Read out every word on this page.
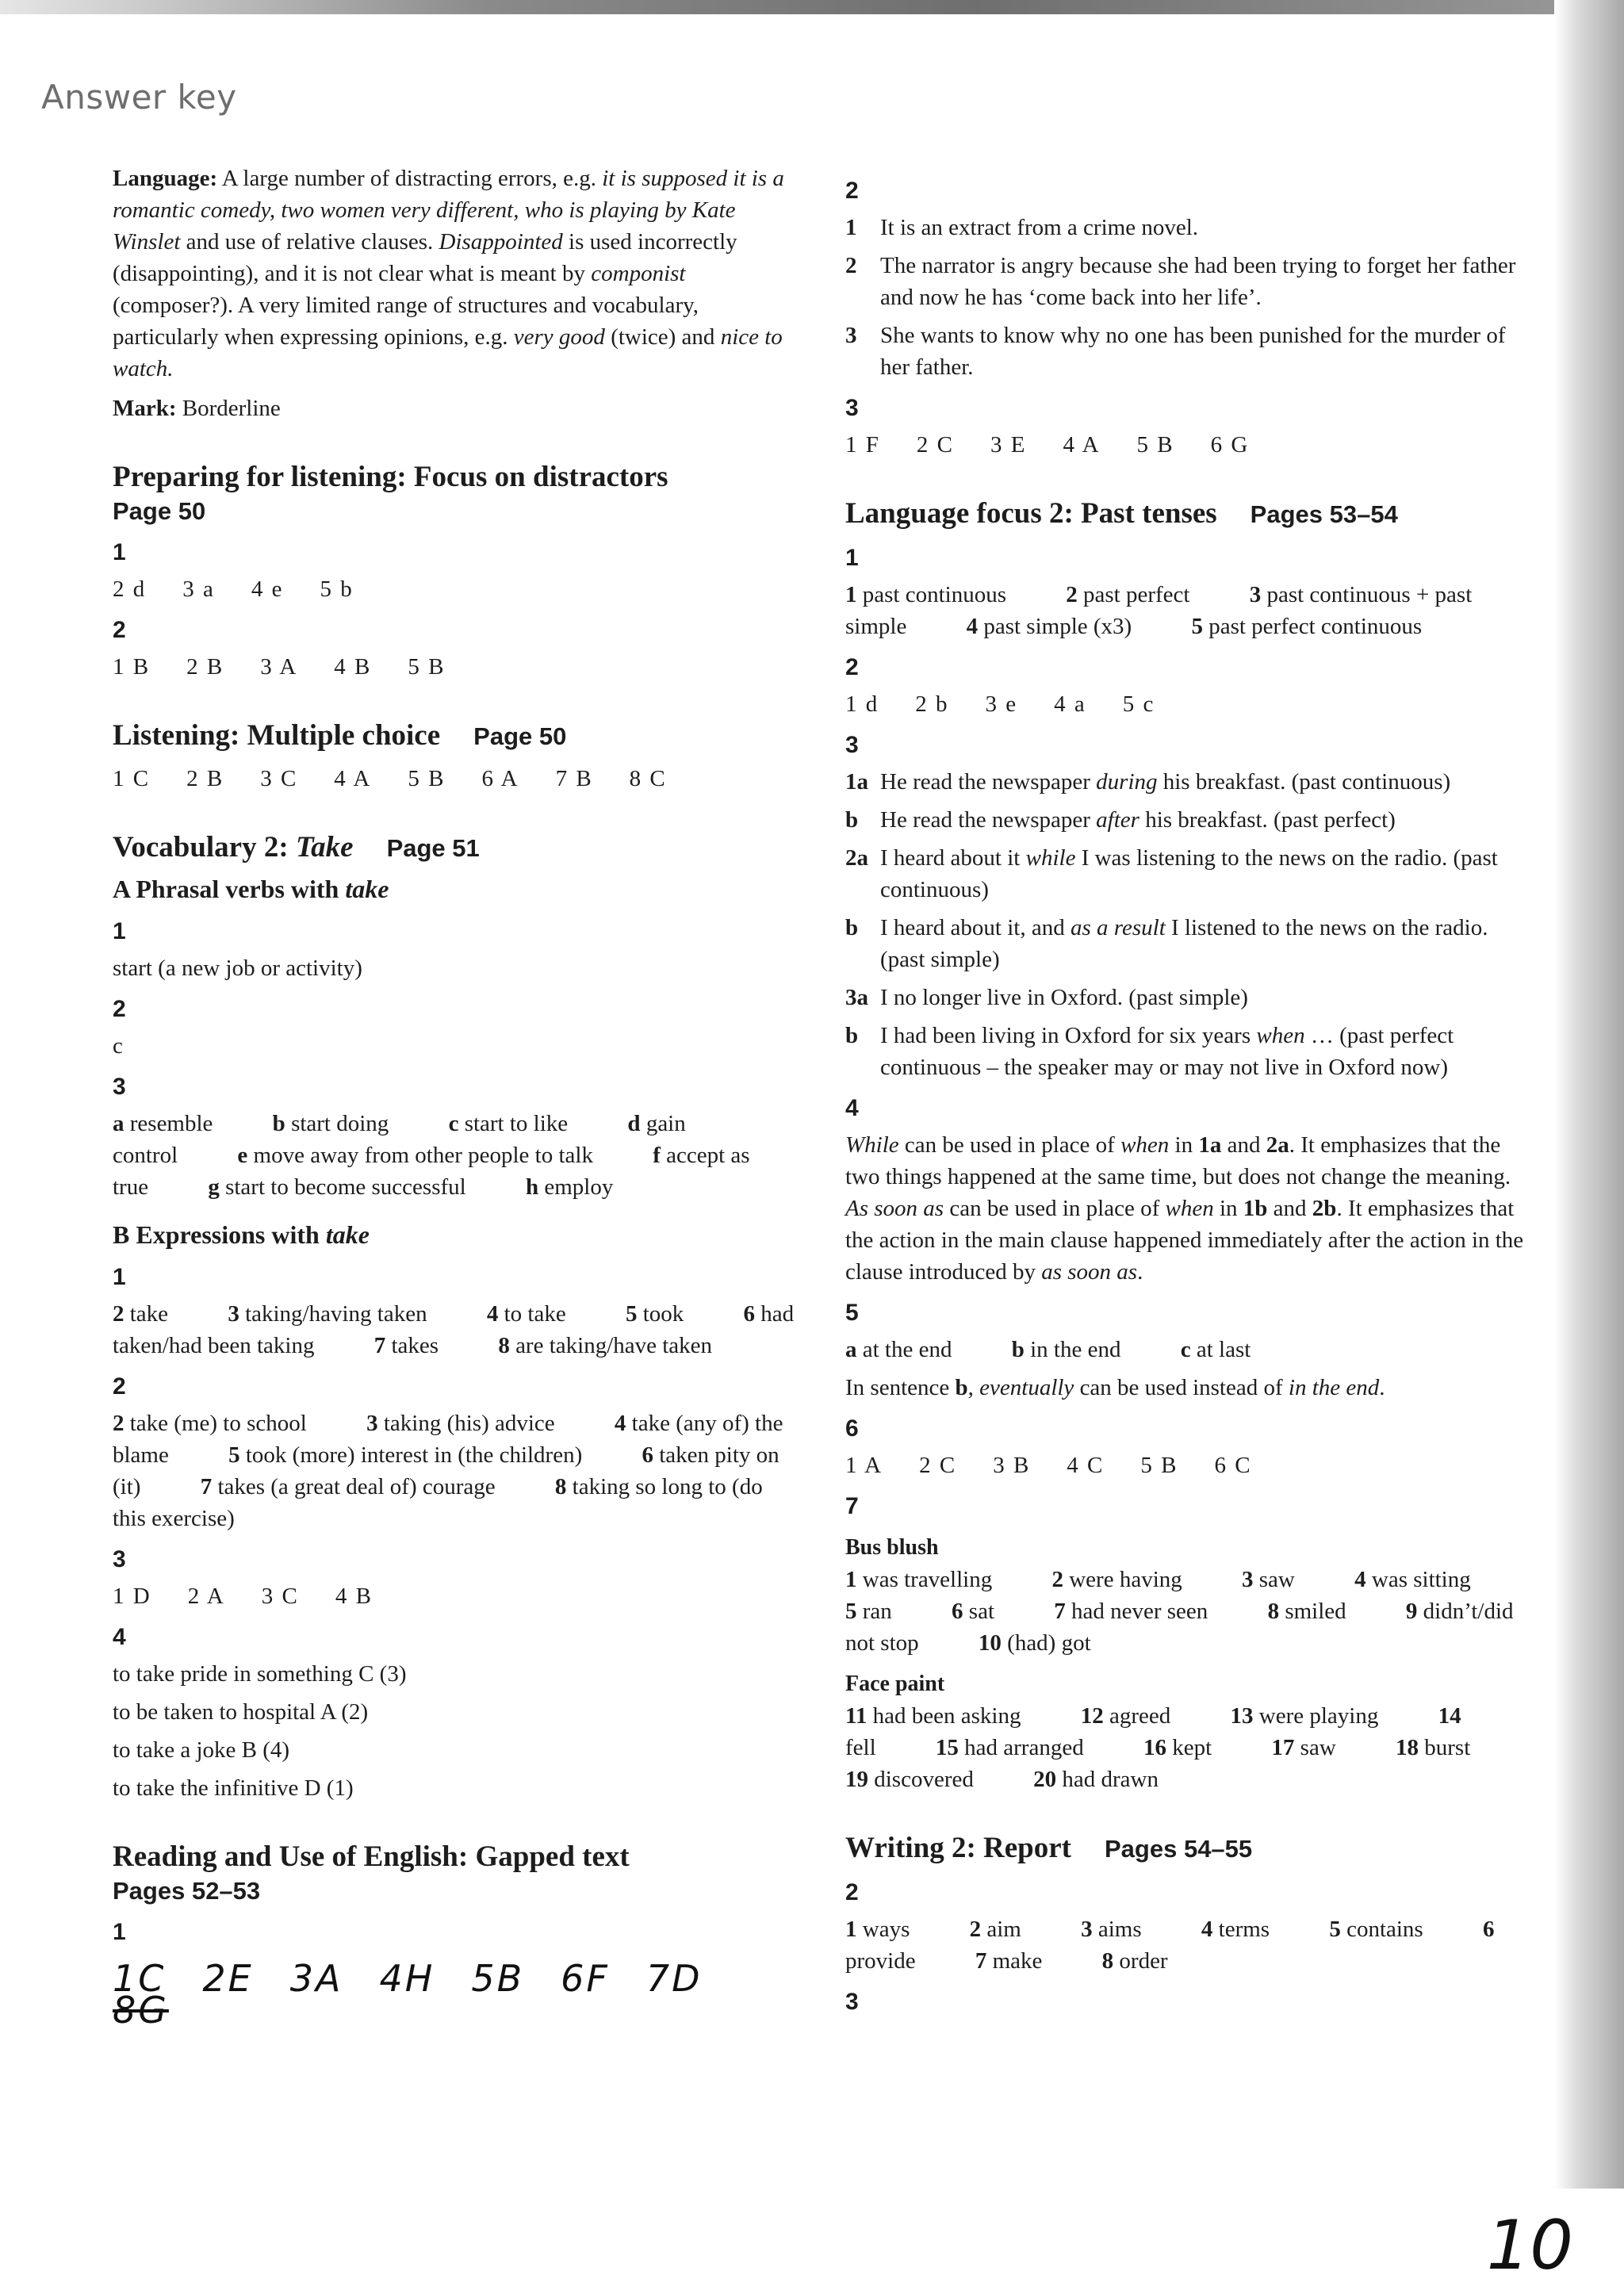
Answer key

Language: A large number of distracting errors, e.g. it is supposed it is a romantic comedy, two women very different, who is playing by Kate Winslet and use of relative clauses. Disappointed is used incorrectly (disappointing), and it is not clear what is meant by componist (composer?). A very limited range of structures and vocabulary, particularly when expressing opinions, e.g. very good (twice) and nice to watch.

Mark: Borderline

Preparing for listening: Focus on distractors

Page 50
1
2 d 3 a 4 e 5 b
2
1 B 2 B 3 A 4 B 5 B

Listening: Multiple choice Page 50

1 C 2 B 3 C 4 A 5 B 6 A 7 B 8 C

Vocabulary 2: Take Page 51

A Phrasal verbs with take

1

start (a new job or activity)

2

c

3

a resemble	b start doing	c start to like	d gain control	e move away from other people to talk	f accept as true	g start to become successful	h employ

B Expressions with take

1

2 take	3 taking/having taken	4 to take	5 took	6 had taken/had been taking	7 takes	8 are taking/have taken

2

2 take (me) to school	3 taking (his) advice	4 take (any of) the blame	5 took (more) interest in (the children)	6 taken pity on (it)	7 takes (a great deal of) courage	8 taking so long to (do this exercise)

3
1 D 2 A 3 C 4 B
4

to take pride in something C (3)

to be taken to hospital A (2)

to take a joke B (4)

to take the infinitive D (1)

Reading and Use of English: Gapped text

Pages 52–53
1
1C 2E 3A 4H 5B 6F 7D
8G
2
1	It is an extract from a crime novel.
2	The narrator is angry because she had been trying to forget her father and now he has ‘come back into her life’.
3	She wants to know why no one has been punished for the murder of her father.
3
1 F 2 C 3 E 4 A 5 B 6 G

Language focus 2: Past tenses Pages 53–54

1

1 past continuous	2 past perfect	3 past continuous + past simple	4 past simple (x3)	5 past perfect continuous

2
1 d 2 b 3 e 4 a 5 c
3
1a He read the newspaper during his breakfast. (past continuous)
b He read the newspaper after his breakfast. (past perfect)
2a I heard about it while I was listening to the news on the radio. (past continuous)
b I heard about it, and as a result I listened to the news on the radio. (past simple)
3a I no longer live in Oxford. (past simple)
b I had been living in Oxford for six years when … (past perfect continuous – the speaker may or may not live in Oxford now)
4

While can be used in place of when in 1a and 2a. It emphasizes that the two things happened at the same time, but does not change the meaning. As soon as can be used in place of when in 1b and 2b. It emphasizes that the action in the main clause happened immediately after the action in the clause introduced by as soon as.

5

a at the end	b in the end	c at last

In sentence b, eventually can be used instead of in the end.

6
1 A 2 C 3 B 4 C 5 B 6 C
7
Bus blush

1 was travelling	2 were having	3 saw	4 was sitting 5 ran	6 sat	7 had never seen	8 smiled	9 didn’t/did not stop	10 (had) got

Face paint

11 had been asking	12 agreed	13 were playing	14 fell	15 had arranged	16 kept	17 saw	18 burst 19 discovered	20 had drawn

Writing 2: Report Pages 54–55

2

1 ways	2 aim	3 aims	4 terms	5 contains	6 provide	7 make	8 order

3
10
